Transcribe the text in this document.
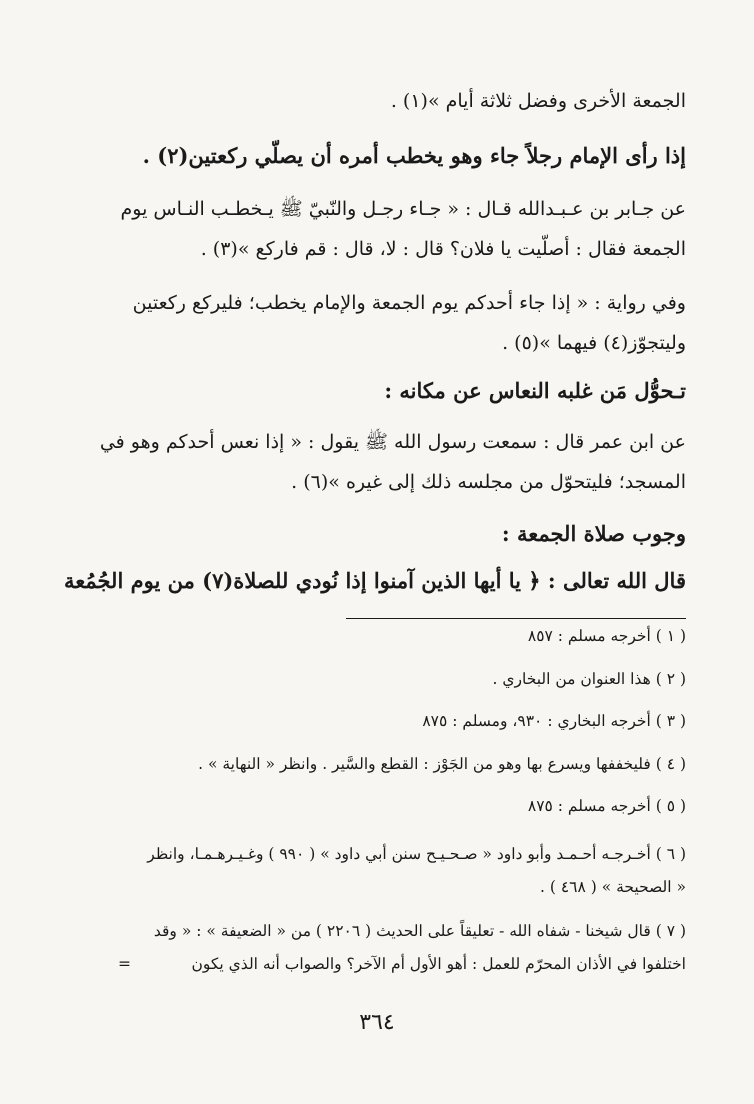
الجمعة الأخرى وفضل ثلاثة أيام »(١) .
إذا رأى الإمام رجلاً جاء وهو يخطب أمره أن يصلّي ركعتين(٢) .
عن جـابر بن عـبـدالله قـال : « جـاء رجـل والنّبيّ ﷺ يـخطـب النـاس يوم
الجمعة فقال : أصلّيت يا فلان؟ قال : لا، قال : قم فاركع »(٣) .
وفي رواية : « إذا جاء أحدكم يوم الجمعة والإمام يخطب؛ فليركع ركعتين
وليتجوّز(٤) فيهما »(٥) .
تـحوُّل مَن غلبه النعاس عن مكانه :
عن ابن عمر قال : سمعت رسول الله ﷺ يقول : « إذا نعس أحدكم وهو في
المسجد؛ فليتحوّل من مجلسه ذلك إلى غيره »(٦) .
وجوب صلاة الجمعة :
قال الله تعالى : ﴿ يا أيها الذين آمنوا إذا نُودي للصلاة(٧) من يوم الجُمُعة
( ١ ) أخرجه مسلم : ٨٥٧
( ٢ ) هذا العنوان من البخاري .
( ٣ ) أخرجه البخاري : ٩٣٠، ومسلم : ٨٧٥
( ٤ ) فليخففها ويسرع بها وهو من الجَوْز : القطع والسَّير . وانظر « النهاية » .
( ٥ ) أخرجه مسلم : ٨٧٥
( ٦ ) أخـرجـه أحـمـد وأبو داود « صـحـيـح سنن أبي داود » ( ٩٩٠ ) وغـيـرهـمـا، وانظر
« الصحيحة » ( ٤٦٨ ) .
( ٧ ) قال شيخنا - شفاه الله - تعليقاً على الحديث ( ٢٢٠٦ ) من « الضعيفة » : « وقد
اختلفوا في الأذان المحرّم للعمل : أهو الأول أم الآخر؟ والصواب أنه الذي يكون
=
٣٦٤
